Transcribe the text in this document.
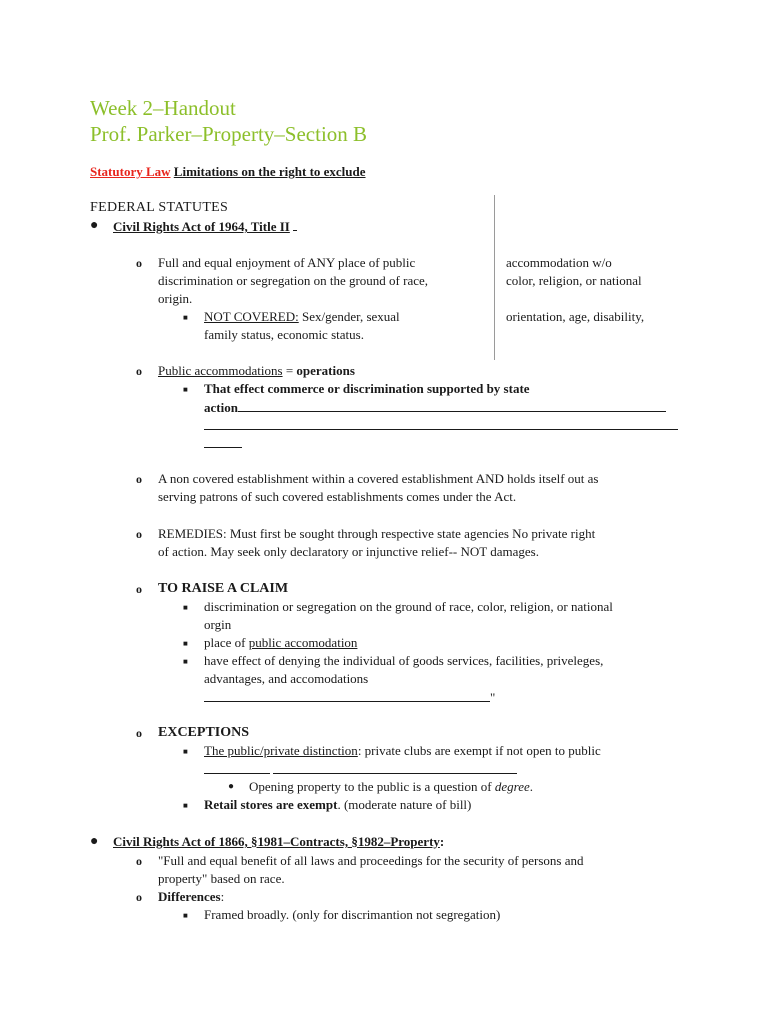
Week 2–Handout
Prof. Parker–Property–Section B
Statutory Law Limitations on the right to exclude
FEDERAL STATUTES
● Civil Rights Act of 1964, Title II
o Full and equal enjoyment of ANY place of public	accommodation w/o
discrimination or segregation on the ground of race,	color, religion, or national
origin.
■ NOT COVERED: Sex/gender, sexual	orientation, age, disability,
family status, economic status.
o Public accommodations = operations
■ That effect commerce or discrimination supported by state
action
o A non covered establishment within a covered establishment AND holds itself out as
serving patrons of such covered establishments comes under the Act.
o REMEDIES: Must first be sought through respective state agencies No private right
of action. May seek only declaratory or injunctive relief-- NOT damages.
o TO RAISE A CLAIM
■ discrimination or segregation on the ground of race, color, religion, or national
orgin
■ place of public accomodation
■ have effect of denying the individual of goods services, facilities, priveleges,
advantages, and accomodations
"
o EXCEPTIONS
■ The public/private distinction: private clubs are exempt if not open to public

● Opening property to the public is a question of degree.
■ Retail stores are exempt. (moderate nature of bill)
● Civil Rights Act of 1866, §1981–Contracts, §1982–Property:
o "Full and equal benefit of all laws and proceedings for the security of persons and
property" based on race.
o Differences:
■ Framed broadly. (only for discrimantion not segregation)
